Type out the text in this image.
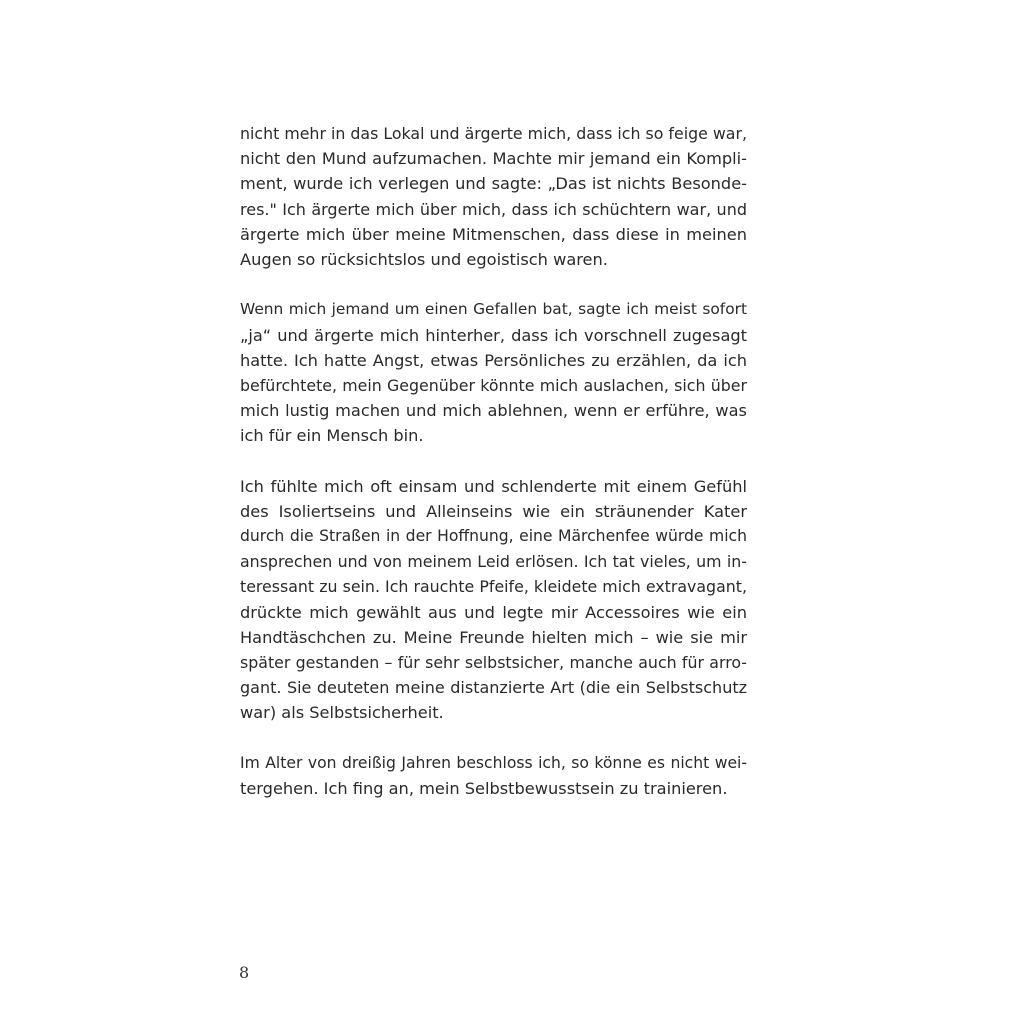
nicht mehr in das Lokal und ärgerte mich, dass ich so feige war,
nicht den Mund aufzumachen. Machte mir jemand ein Kompli-
ment, wurde ich verlegen und sagte: „Das ist nichts Besonde-
res." Ich ärgerte mich über mich, dass ich schüchtern war, und
ärgerte mich über meine Mitmenschen, dass diese in meinen
Augen so rücksichtslos und egoistisch waren.

Wenn mich jemand um einen Gefallen bat, sagte ich meist sofort
„ja“ und ärgerte mich hinterher, dass ich vorschnell zugesagt
hatte. Ich hatte Angst, etwas Persönliches zu erzählen, da ich
befürchtete, mein Gegenüber könnte mich auslachen, sich über
mich lustig machen und mich ablehnen, wenn er erführe, was
ich für ein Mensch bin.

Ich fühlte mich oft einsam und schlenderte mit einem Gefühl
des Isoliertseins und Alleinseins wie ein sträunender Kater
durch die Straßen in der Hoffnung, eine Märchenfee würde mich
ansprechen und von meinem Leid erlösen. Ich tat vieles, um in-
teressant zu sein. Ich rauchte Pfeife, kleidete mich extravagant,
drückte mich gewählt aus und legte mir Accessoires wie ein
Handtäschchen zu. Meine Freunde hielten mich – wie sie mir
später gestanden – für sehr selbstsicher, manche auch für arro-
gant. Sie deuteten meine distanzierte Art (die ein Selbstschutz
war) als Selbstsicherheit.

Im Alter von dreißig Jahren beschloss ich, so könne es nicht wei-
tergehen. Ich fing an, mein Selbstbewusstsein zu trainieren.

8
